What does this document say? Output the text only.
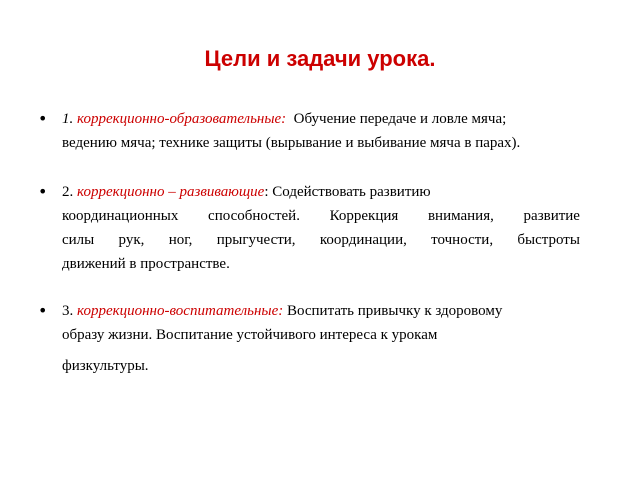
Цели и задачи урока.
• 1. коррекционно-образовательные: Обучение передаче и ловле мяча;
ведению мяча; технике защиты (вырывание и выбивание мяча в парах).
• 2. коррекционно – развивающие: Содействовать развитию
координационных способностей. Коррекция внимания, развитие
силы рук, ног, прыгучести, координации, точности, быстроты
движений в пространстве.
• 3. коррекционно-воспитательные: Воспитать привычку к здоровому
образу жизни. Воспитание устойчивого интереса к урокам
физкультуры.
